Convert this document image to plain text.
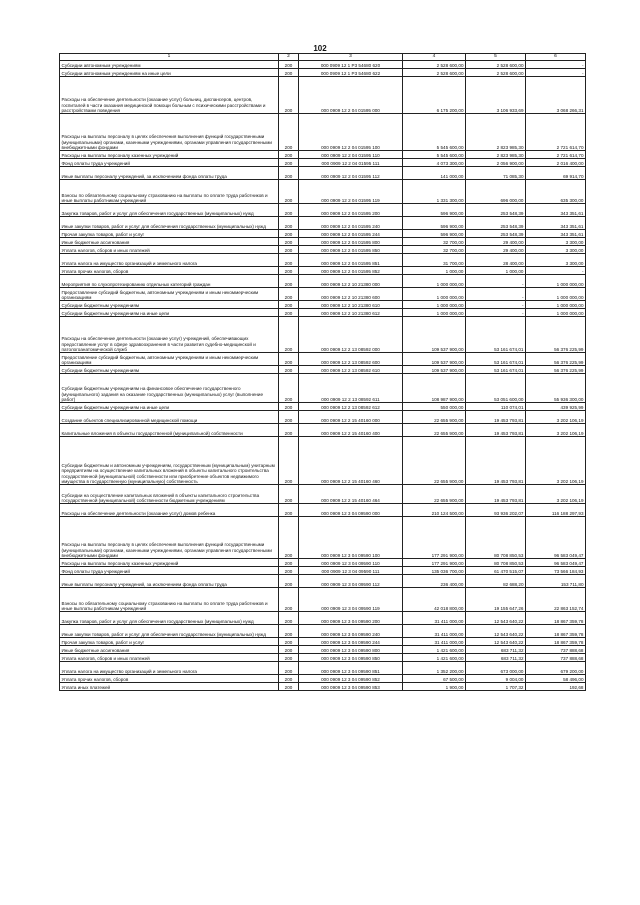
102
1	2	3	4	5	6
Субсидии автономным учреждениям	200	000 0909 12 1 P3 54680 620	2 528 600,00	2 528 600,00	-
Субсидии автономным учреждениям на иные цели	200	000 0909 12 1 P3 54680 622	2 528 600,00	2 528 600,00	-
Расходы на обеспечение деятельности (оказание услуг) больниц, диспансеров, центров, госпиталей в части оказания медицинской помощи больным с психическими расстройствами и расстройствами поведения	200	000 0909 12 2 04 01595 000	6 175 200,00	3 106 933,69	3 068 266,31
Расходы на выплаты персоналу в целях обеспечения выполнения функций государственными (муниципальными) органами, казенными учреждениями, органами управления государственными внебюджетными фондами	200	000 0909 12 2 04 01595 100	5 545 600,00	2 823 985,30	2 721 614,70
Расходы на выплаты персоналу казенных учреждений	200	000 0909 12 2 04 01595 110	5 545 600,00	2 823 985,30	2 721 614,70
Фонд оплаты труда учреждений	200	000 0909 12 2 04 01595 111	4 073 300,00	2 056 900,00	2 016 400,00
Иные выплаты персоналу учреждений, за исключением фонда оплаты труда	200	000 0909 12 2 04 01595 112	141 000,00	71 085,30	69 914,70
Взносы по обязательному социальному страхованию на выплаты по оплате труда работников и иные выплаты работникам учреждений	200	000 0909 12 2 04 01595 119	1 331 300,00	696 000,00	635 300,00
Закупка товаров, работ и услуг для обеспечения государственных (муниципальных) нужд	200	000 0909 12 2 04 01595 200	596 900,00	253 548,39	343 351,61
Иные закупки товаров, работ и услуг для обеспечения государственных (муниципальных) нужд	200	000 0909 12 2 04 01595 240	596 900,00	253 548,39	343 351,61
Прочая закупка товаров, работ и услуг	200	000 0909 12 2 04 01595 244	596 900,00	253 548,39	343 351,61
Иные бюджетные ассигнования	200	000 0909 12 2 04 01595 800	32 700,00	29 400,00	3 300,00
Уплата налогов, сборов и иных платежей	200	000 0909 12 2 04 01595 850	32 700,00	29 400,00	3 300,00
Уплата налога на имущество организаций и земельного налога	200	000 0909 12 2 04 01595 851	31 700,00	28 400,00	3 300,00
Уплата прочих налогов, сборов	200	000 0909 12 2 04 01595 852	1 000,00	1 000,00	-
Мероприятия по слухопротезированию отдельных категорий граждан	200	000 0909 12 2 10 21380 000	1 000 000,00	-	1 000 000,00
Предоставление субсидий бюджетным, автономным учреждениям и иным некоммерческим организациям	200	000 0909 12 2 10 21380 600	1 000 000,00	-	1 000 000,00
Субсидии бюджетным учреждениям	200	000 0909 12 2 10 21380 610	1 000 000,00	-	1 000 000,00
Субсидии бюджетным учреждениям на иные цели	200	000 0909 12 2 10 21380 612	1 000 000,00	-	1 000 000,00
Расходы на обеспечение деятельности (оказание услуг) учреждений, обеспечивающих предоставление услуг в сфере здравоохранения в части развития судебно-медицинской и патологоанатомической служб	200	000 0909 12 2 13 08592 000	109 537 900,00	53 161 674,01	56 376 225,99
Предоставление субсидий бюджетным, автономным учреждениям и иным некоммерческим организациям	200	000 0909 12 2 13 08592 600	109 537 900,00	53 161 674,01	56 376 225,99
Субсидии бюджетным учреждениям	200	000 0909 12 2 13 08592 610	109 537 900,00	53 161 674,01	56 376 225,99
Субсидии бюджетным учреждениям на финансовое обеспечение государственного (муниципального) задания на оказание государственных (муниципальных) услуг (выполнение работ)	200	000 0909 12 2 13 08592 611	108 987 900,00	53 051 600,00	55 936 300,00
Субсидии бюджетным учреждениям на иные цели	200	000 0909 12 2 13 08592 612	550 000,00	110 074,01	439 925,99
Создание объектов специализированной медицинской помощи	200	000 0909 12 2 15 40160 000	22 655 900,00	19 453 793,81	3 202 106,19
Капитальные вложения в объекты государственной (муниципальной) собственности	200	000 0909 12 2 15 40160 400	22 655 900,00	19 453 793,81	3 202 106,19
Субсидии бюджетным и автономным учреждениям, государственным (муниципальным) унитарным предприятиям на осуществление капитальных вложений в объекты капитального строительства государственной (муниципальной) собственности или приобретение объектов недвижимого имущества в государственную (муниципальную) собственность	200	000 0909 12 2 15 40160 460	22 655 900,00	19 453 793,81	3 202 106,19
Субсидии на осуществление капитальных вложений в объекты капитального строительства государственной (муниципальной) собственности бюджетным учреждениям	200	000 0909 12 2 15 40160 464	22 655 900,00	19 453 793,81	3 202 106,19
Расходы на обеспечение деятельности (оказание услуг) домов ребенка	200	000 0909 12 3 04 09590 000	210 124 500,00	93 936 202,07	116 188 297,93
Расходы на выплаты персоналу в целях обеспечения выполнения функций государственными (муниципальными) органами, казенными учреждениями, органами управления государственными внебюджетными фондами	200	000 0909 12 3 04 09590 100	177 291 900,00	80 708 850,53	96 583 049,47
Расходы на выплаты персоналу казенных учреждений	200	000 0909 12 3 04 09590 110	177 291 900,00	80 708 850,53	96 583 049,47
Фонд оплаты труда учреждений	200	000 0909 12 3 04 09590 111	135 036 700,00	61 470 515,07	73 566 184,93
Иные выплаты персоналу учреждений, за исключением фонда оплаты труда	200	000 0909 12 3 04 09590 112	236 400,00	82 688,20	153 711,80
Взносы по обязательному социальному страхованию на выплаты по оплате труда работников и иные выплаты работникам учреждений	200	000 0909 12 3 04 09590 119	42 018 800,00	19 155 647,26	22 863 152,74
Закупка товаров, работ и услуг для обеспечения государственных (муниципальных) нужд	200	000 0909 12 3 04 09590 200	31 411 000,00	12 543 640,22	18 867 359,78
Иные закупки товаров, работ и услуг для обеспечения государственных (муниципальных) нужд	200	000 0909 12 3 04 09590 240	31 411 000,00	12 543 640,22	18 867 359,78
Прочая закупка товаров, работ и услуг	200	000 0909 12 3 04 09590 244	31 411 000,00	12 543 640,22	18 867 359,78
Иные бюджетные ассигнования	200	000 0909 12 3 04 09590 800	1 421 600,00	683 711,32	737 888,68
Уплата налогов, сборов и иных платежей	200	000 0909 12 3 04 09590 850	1 421 600,00	683 711,32	737 888,68
Уплата налога на имущество организаций и земельного налога	200	000 0909 12 3 04 09590 851	1 352 200,00	673 000,00	679 200,00
Уплата прочих налогов, сборов	200	000 0909 12 3 04 09590 852	67 500,00	9 004,00	58 496,00
Уплата иных платежей	200	000 0909 12 3 04 09590 853	1 900,00	1 707,32	192,68
